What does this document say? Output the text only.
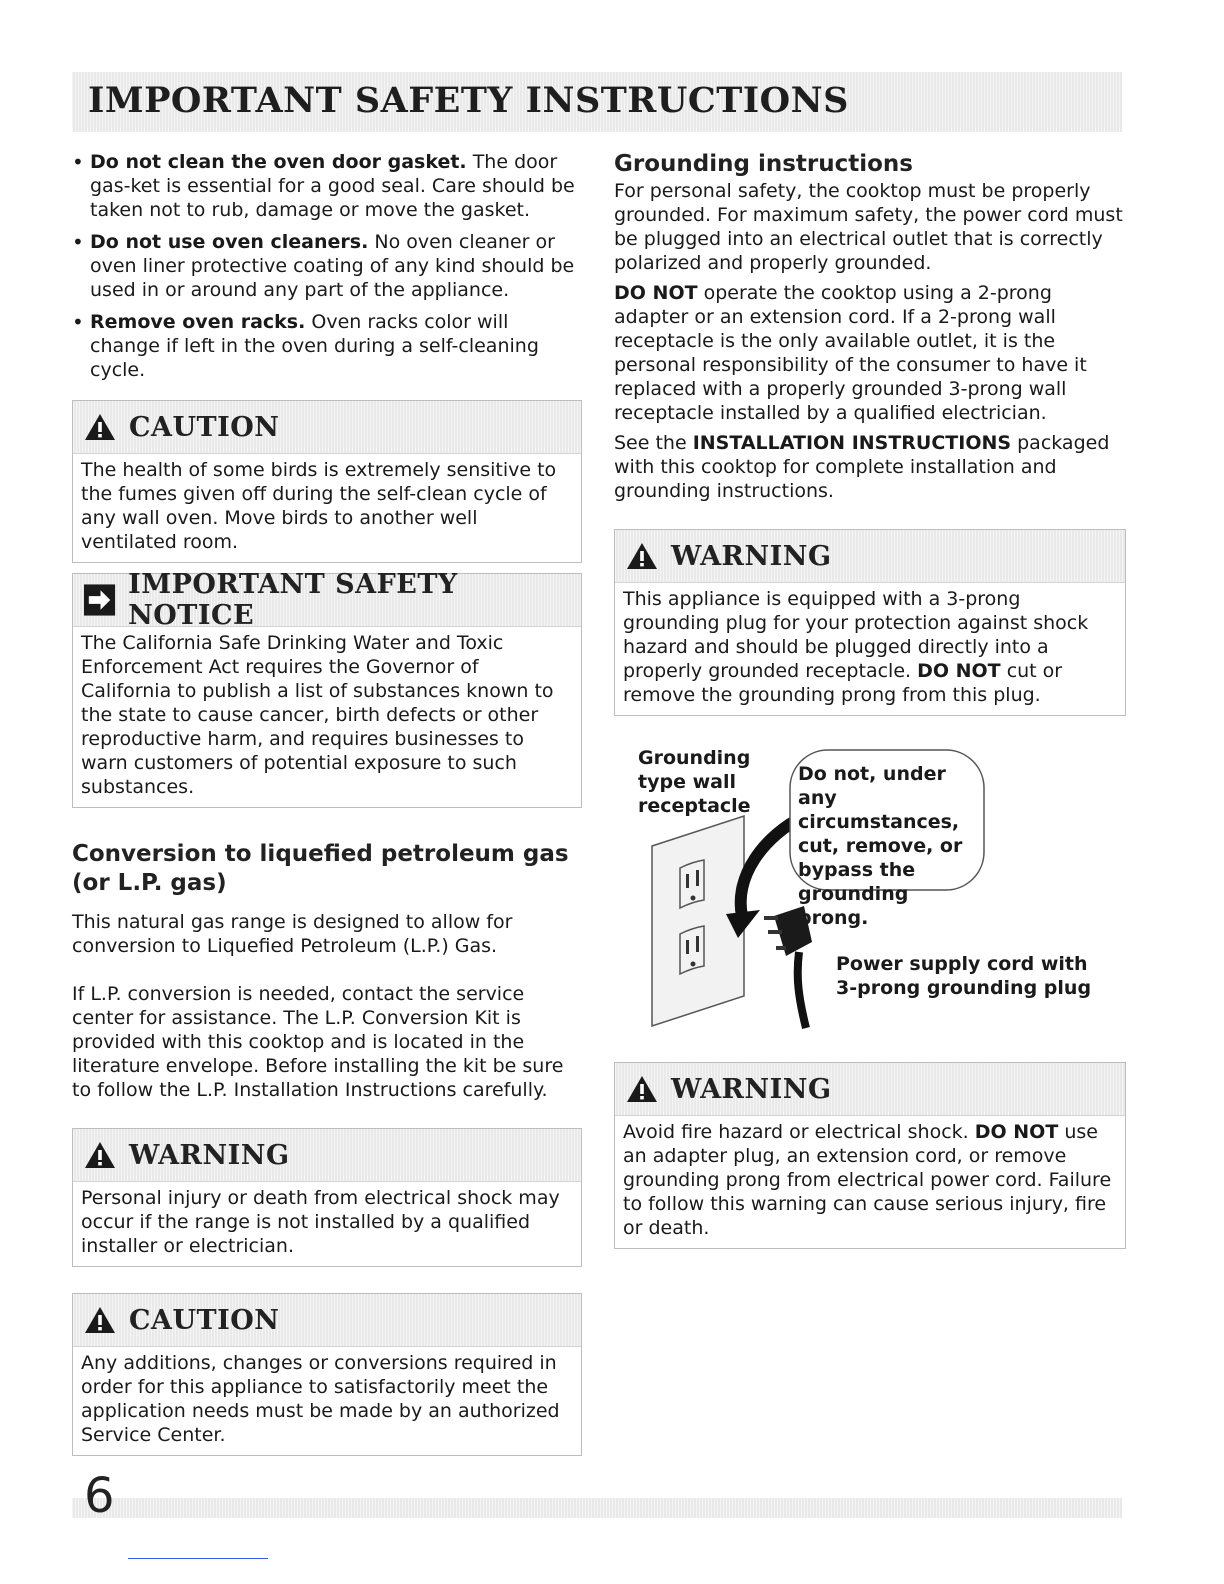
IMPORTANT SAFETY INSTRUCTIONS
• Do not clean the oven door gasket. The door gas-ket is essential for a good seal. Care should be taken not to rub, damage or move the gasket.
• Do not use oven cleaners. No oven cleaner or oven liner protective coating of any kind should be used in or around any part of the appliance.
• Remove oven racks. Oven racks color will change if left in the oven during a self-cleaning cycle.
CAUTION
The health of some birds is extremely sensitive to the fumes given off during the self-clean cycle of any wall oven. Move birds to another well ventilated room.
IMPORTANT SAFETY NOTICE
The California Safe Drinking Water and Toxic Enforcement Act requires the Governor of California to publish a list of substances known to the state to cause cancer, birth defects or other reproductive harm, and requires businesses to warn customers of potential exposure to such substances.
Conversion to liquefied petroleum gas (or L.P. gas)

This natural gas range is designed to allow for conversion to Liquefied Petroleum (L.P.) Gas.

If L.P. conversion is needed, contact the service center for assistance. The L.P. Conversion Kit is provided with this cooktop and is located in the literature envelope. Before installing the kit be sure to follow the L.P. Installation Instructions carefully.

WARNING
Personal injury or death from electrical shock may occur if the range is not installed by a qualified installer or electrician.
CAUTION
Any additions, changes or conversions required in order for this appliance to satisfactorily meet the application needs must be made by an authorized Service Center.
Grounding instructions

For personal safety, the cooktop must be properly grounded. For maximum safety, the power cord must be plugged into an electrical outlet that is correctly polarized and properly grounded.

DO NOT operate the cooktop using a 2-prong adapter or an extension cord. If a 2-prong wall receptacle is the only available outlet, it is the personal responsibility of the consumer to have it replaced with a properly grounded 3-prong wall receptacle installed by a qualified electrician.

See the INSTALLATION INSTRUCTIONS packaged with this cooktop for complete installation and grounding instructions.

WARNING
This appliance is equipped with a 3-prong grounding plug for your protection against shock hazard and should be plugged directly into a properly grounded receptacle. DO NOT cut or remove the grounding prong from this plug.

Grounding type wall receptacle

Do not, under any circumstances, cut, remove, or bypass the grounding prong.

Power supply cord with 3-prong grounding plug

WARNING
Avoid fire hazard or electrical shock. DO NOT use an adapter plug, an extension cord, or remove grounding prong from electrical power cord. Failure to follow this warning can cause serious injury, fire or death.
6
